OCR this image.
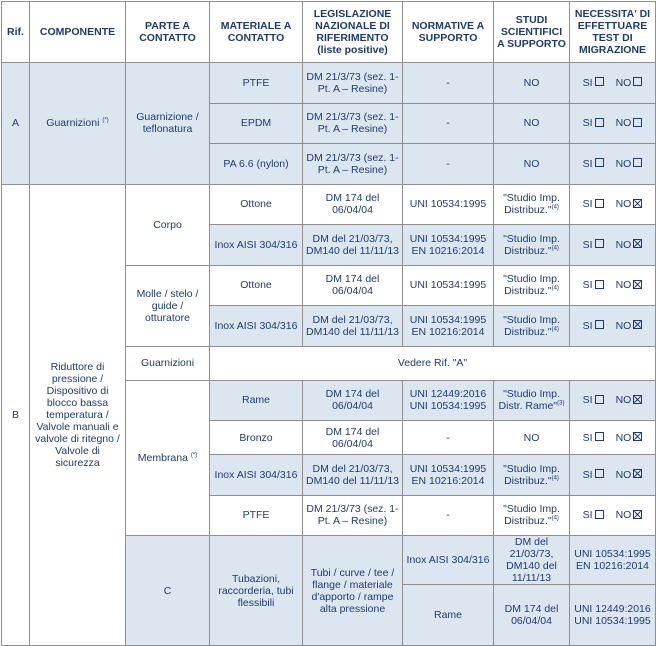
Rif.	COMPONENTE	PARTE A CONTATTO	MATERIALE A CONTATTO	LEGISLAZIONE NAZIONALE DI RIFERIMENTO (liste positive)	NORMATIVE A SUPPORTO	STUDI SCIENTIFICI A SUPPORTO	NECESSITA' DI EFFETTUARE TEST DI MIGRAZIONE	
A	Guarnizioni (*)	Guarnizione / teflonatura	PTFE	DM 21/3/73 (sez. 1-Pt. A – Resine)	-	NO	SI NO	
			EPDM	DM 21/3/73 (sez. 1-Pt. A – Resine)	-	NO	SI NO	
			PA 6.6 (nylon)	DM 21/3/73 (sez. 1-Pt. A – Resine)	-	NO	SI NO	
B	Riduttore di pressione / Dispositivo di blocco bassa temperatura / Valvole manuali e valvole di ritegno / Valvole di sicurezza	Corpo	Ottone	DM 174 del 06/04/04	UNI 10534:1995	"Studio Imp. Distribuz."$^{(4)}$	SI NO	
			Inox AISI 304/316	DM del 21/03/73, DM140 del 11/11/13	UNI 10534:1995 EN 10216:2014	"Studio Imp. Distribuz."$^{(4)}$	SI NO	
		Molle / stelo / guide / otturatore	Ottone	DM 174 del 06/04/04	UNI 10534:1995	"Studio Imp. Distribuz."$^{(4)}$	SI NO	
			Inox AISI 304/316	DM del 21/03/73, DM140 del 11/11/13	UNI 10534:1995 EN 10216:2014	"Studio Imp. Distribuz."$^{(4)}$	SI NO	
		Guarnizioni	Vedere Rif. "A"					
		Membrana (*)	Rame	DM 174 del 06/04/04	UNI 12449:2016 UNI 10534:1995	"Studio Imp. Distr. Rame"$^{(3)}$	SI NO	
			Bronzo	DM 174 del 06/04/04	-	NO	SI NO	
			Inox AISI 304/316	DM del 21/03/73, DM140 del 11/11/13	UNI 10534:1995 EN 10216:2014	"Studio Imp. Distribuz."$^{(4)}$	SI NO	
			PTFE	DM 21/3/73 (sez. 1-Pt. A – Resine)	-	"Studio Imp. Distribuz."$^{(4)}$	SI NO	
		C	Tubazioni, raccorderia, tubi flessibili	Tubi / curve / tee / flange / materiale d'apporto / rampe alta pressione	Inox AISI 304/316	DM del 21/03/73, DM140 del 11/11/13	UNI 10534:1995 EN 10216:2014		
					Rame	DM 174 del 06/04/04	UNI 12449:2016 UNI 10534:1995		
